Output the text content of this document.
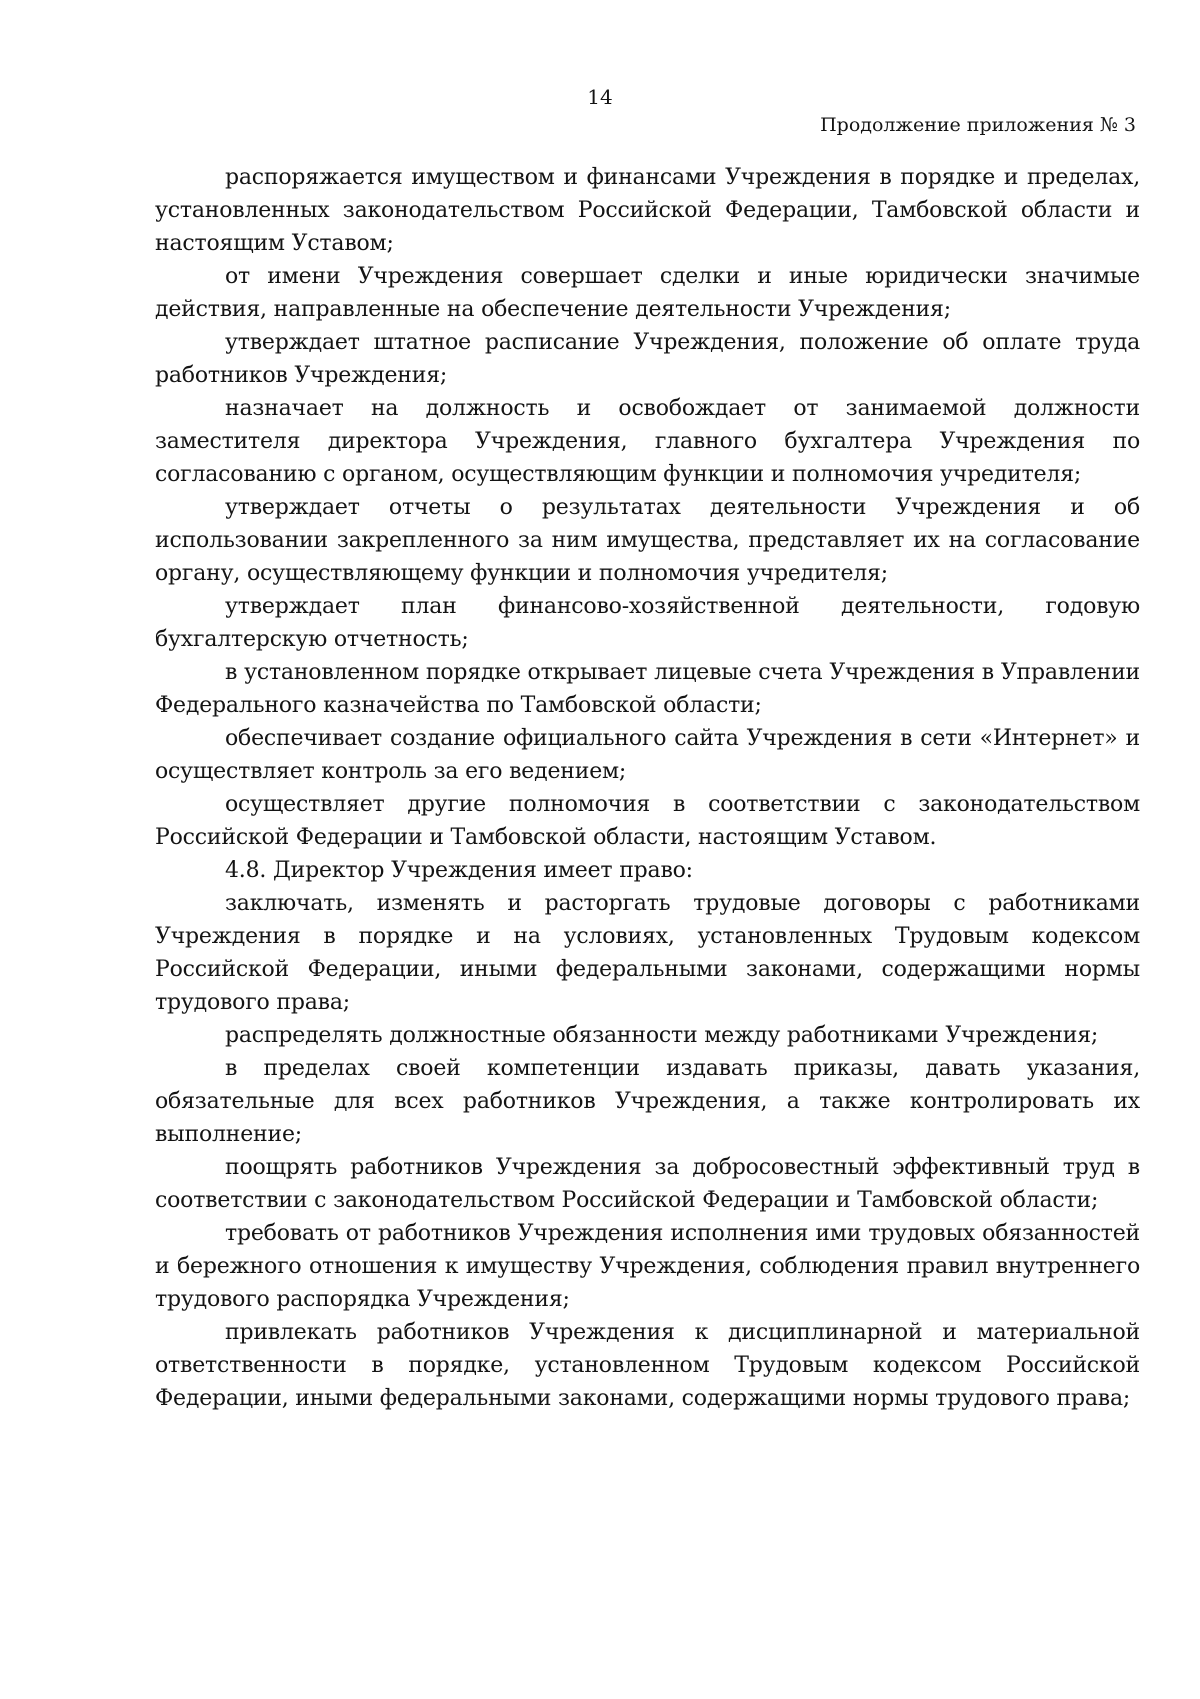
14
Продолжение приложения № 3

распоряжается имуществом и финансами Учреждения в порядке и пределах, установленных законодательством Российской Федерации, Тамбовской области и настоящим Уставом;

от имени Учреждения совершает сделки и иные юридически значимые действия, направленные на обеспечение деятельности Учреждения;

утверждает штатное расписание Учреждения, положение об оплате труда работников Учреждения;

назначает на должность и освобождает от занимаемой должности заместителя директора Учреждения, главного бухгалтера Учреждения по согласованию с органом, осуществляющим функции и полномочия учредителя;

утверждает отчеты о результатах деятельности Учреждения и об использовании закрепленного за ним имущества, представляет их на согласование органу, осуществляющему функции и полномочия учредителя;

утверждает план финансово-хозяйственной деятельности, годовую бухгалтерскую отчетность;

в установленном порядке открывает лицевые счета Учреждения в Управлении Федерального казначейства по Тамбовской области;

обеспечивает создание официального сайта Учреждения в сети «Интернет» и осуществляет контроль за его ведением;

осуществляет другие полномочия в соответствии с законодательством Российской Федерации и Тамбовской области, настоящим Уставом.

4.8. Директор Учреждения имеет право:

заключать, изменять и расторгать трудовые договоры с работниками Учреждения в порядке и на условиях, установленных Трудовым кодексом Российской Федерации, иными федеральными законами, содержащими нормы трудового права;

распределять должностные обязанности между работниками Учреждения;

в пределах своей компетенции издавать приказы, давать указания, обязательные для всех работников Учреждения, а также контролировать их выполнение;

поощрять работников Учреждения за добросовестный эффективный труд в соответствии с законодательством Российской Федерации и Тамбовской области;

требовать от работников Учреждения исполнения ими трудовых обязанностей и бережного отношения к имуществу Учреждения, соблюдения правил внутреннего трудового распорядка Учреждения;

привлекать работников Учреждения к дисциплинарной и материальной ответственности в порядке, установленном Трудовым кодексом Российской Федерации, иными федеральными законами, содержащими нормы трудового права;
